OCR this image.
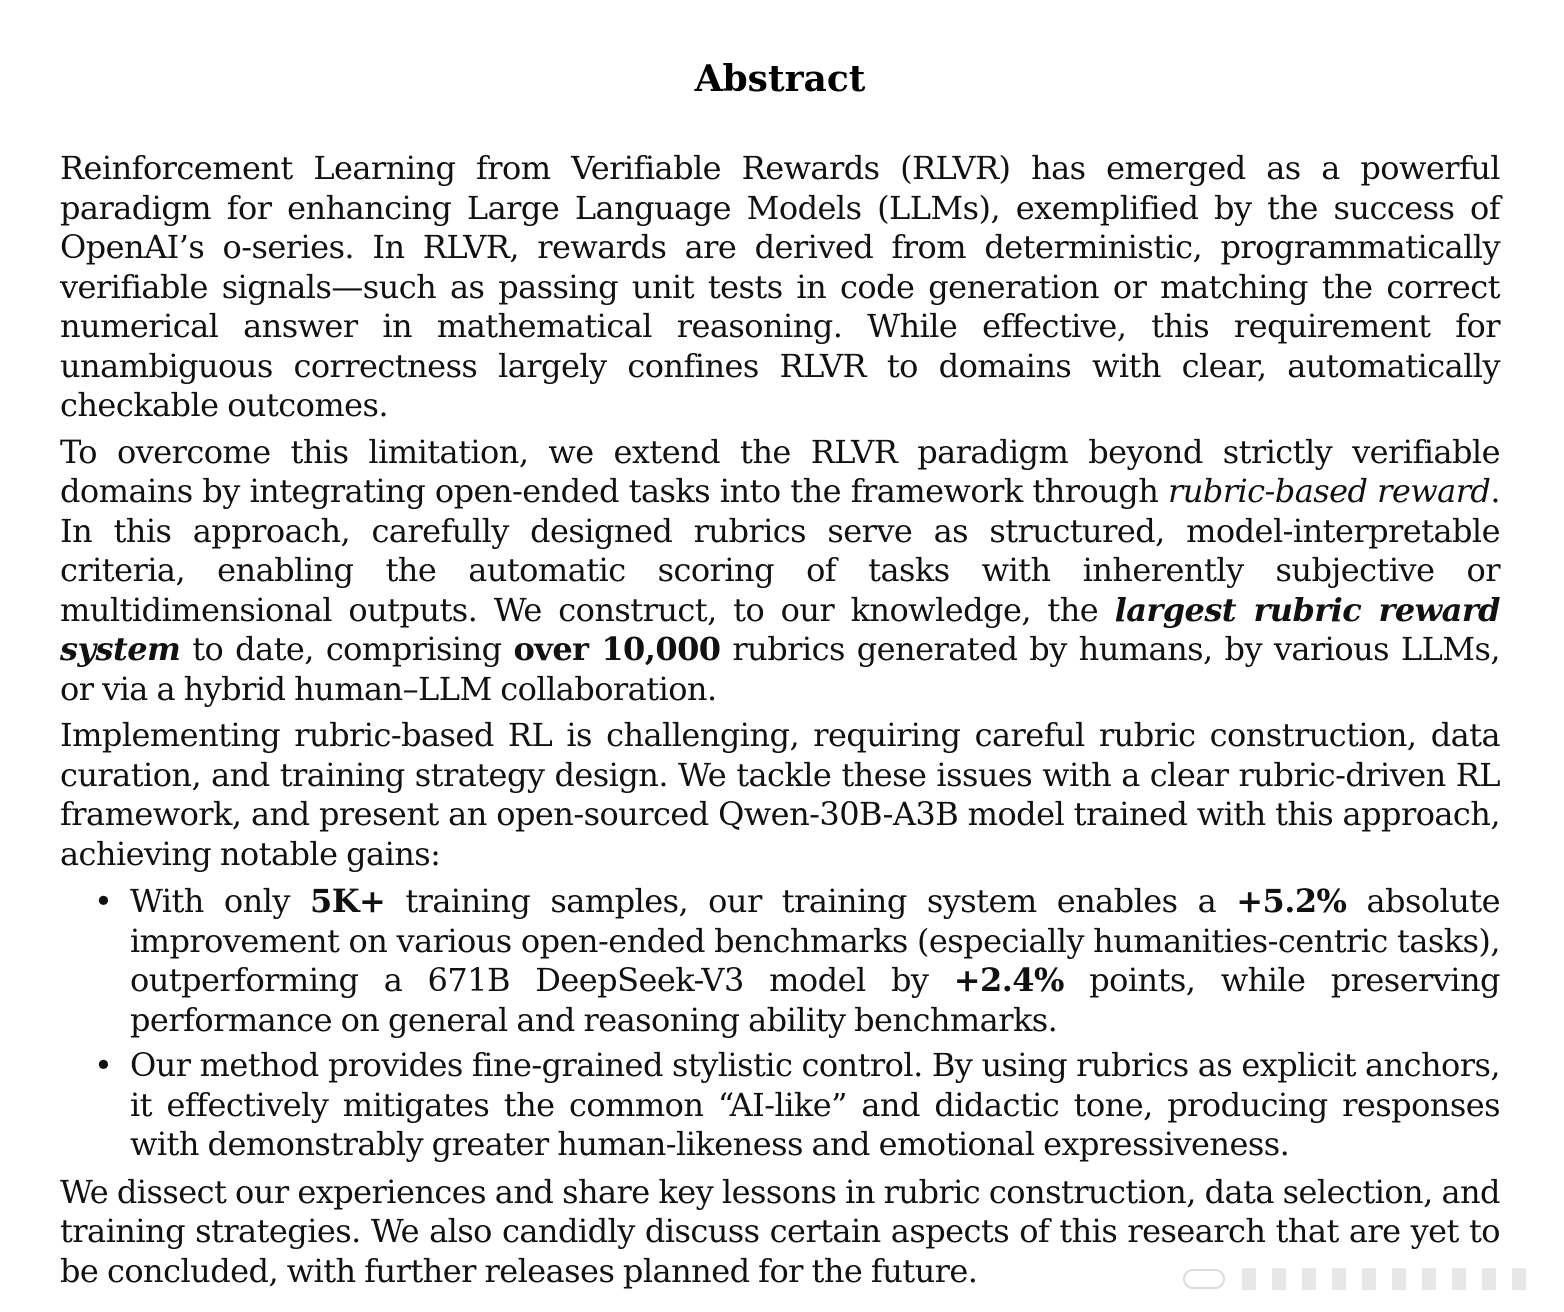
Abstract

Reinforcement Learning from Verifiable Rewards (RLVR) has emerged as a powerful paradigm for enhancing Large Language Models (LLMs), exemplified by the success of OpenAI’s o-series. In RLVR, rewards are derived from deterministic, programmatically verifiable signals—such as passing unit tests in code generation or matching the correct numerical answer in mathematical reasoning. While effective, this requirement for unambiguous correctness largely confines RLVR to domains with clear, automatically checkable outcomes.

To overcome this limitation, we extend the RLVR paradigm beyond strictly verifiable domains by integrating open-ended tasks into the framework through rubric-based reward. In this approach, carefully designed rubrics serve as structured, model-interpretable criteria, enabling the automatic scoring of tasks with inherently subjective or multidimensional outputs. We construct, to our knowledge, the largest rubric reward system to date, comprising over 10,000 rubrics generated by humans, by various LLMs, or via a hybrid human–LLM collaboration.

Implementing rubric-based RL is challenging, requiring careful rubric construction, data curation, and training strategy design. We tackle these issues with a clear rubric-driven RL framework, and present an open-sourced Qwen-30B-A3B model trained with this approach, achieving notable gains:

• With only 5K+ training samples, our training system enables a +5.2% absolute improvement on various open-ended benchmarks (especially humanities-centric tasks), outperforming a 671B DeepSeek-V3 model by +2.4% points, while preserving performance on general and reasoning ability benchmarks.
• Our method provides fine-grained stylistic control. By using rubrics as explicit anchors, it effectively mitigates the common “AI-like” and didactic tone, producing responses with demonstrably greater human-likeness and emotional expressiveness.

We dissect our experiences and share key lessons in rubric construction, data selection, and training strategies. We also candidly discuss certain aspects of this research that are yet to be concluded, with further releases planned for the future.
